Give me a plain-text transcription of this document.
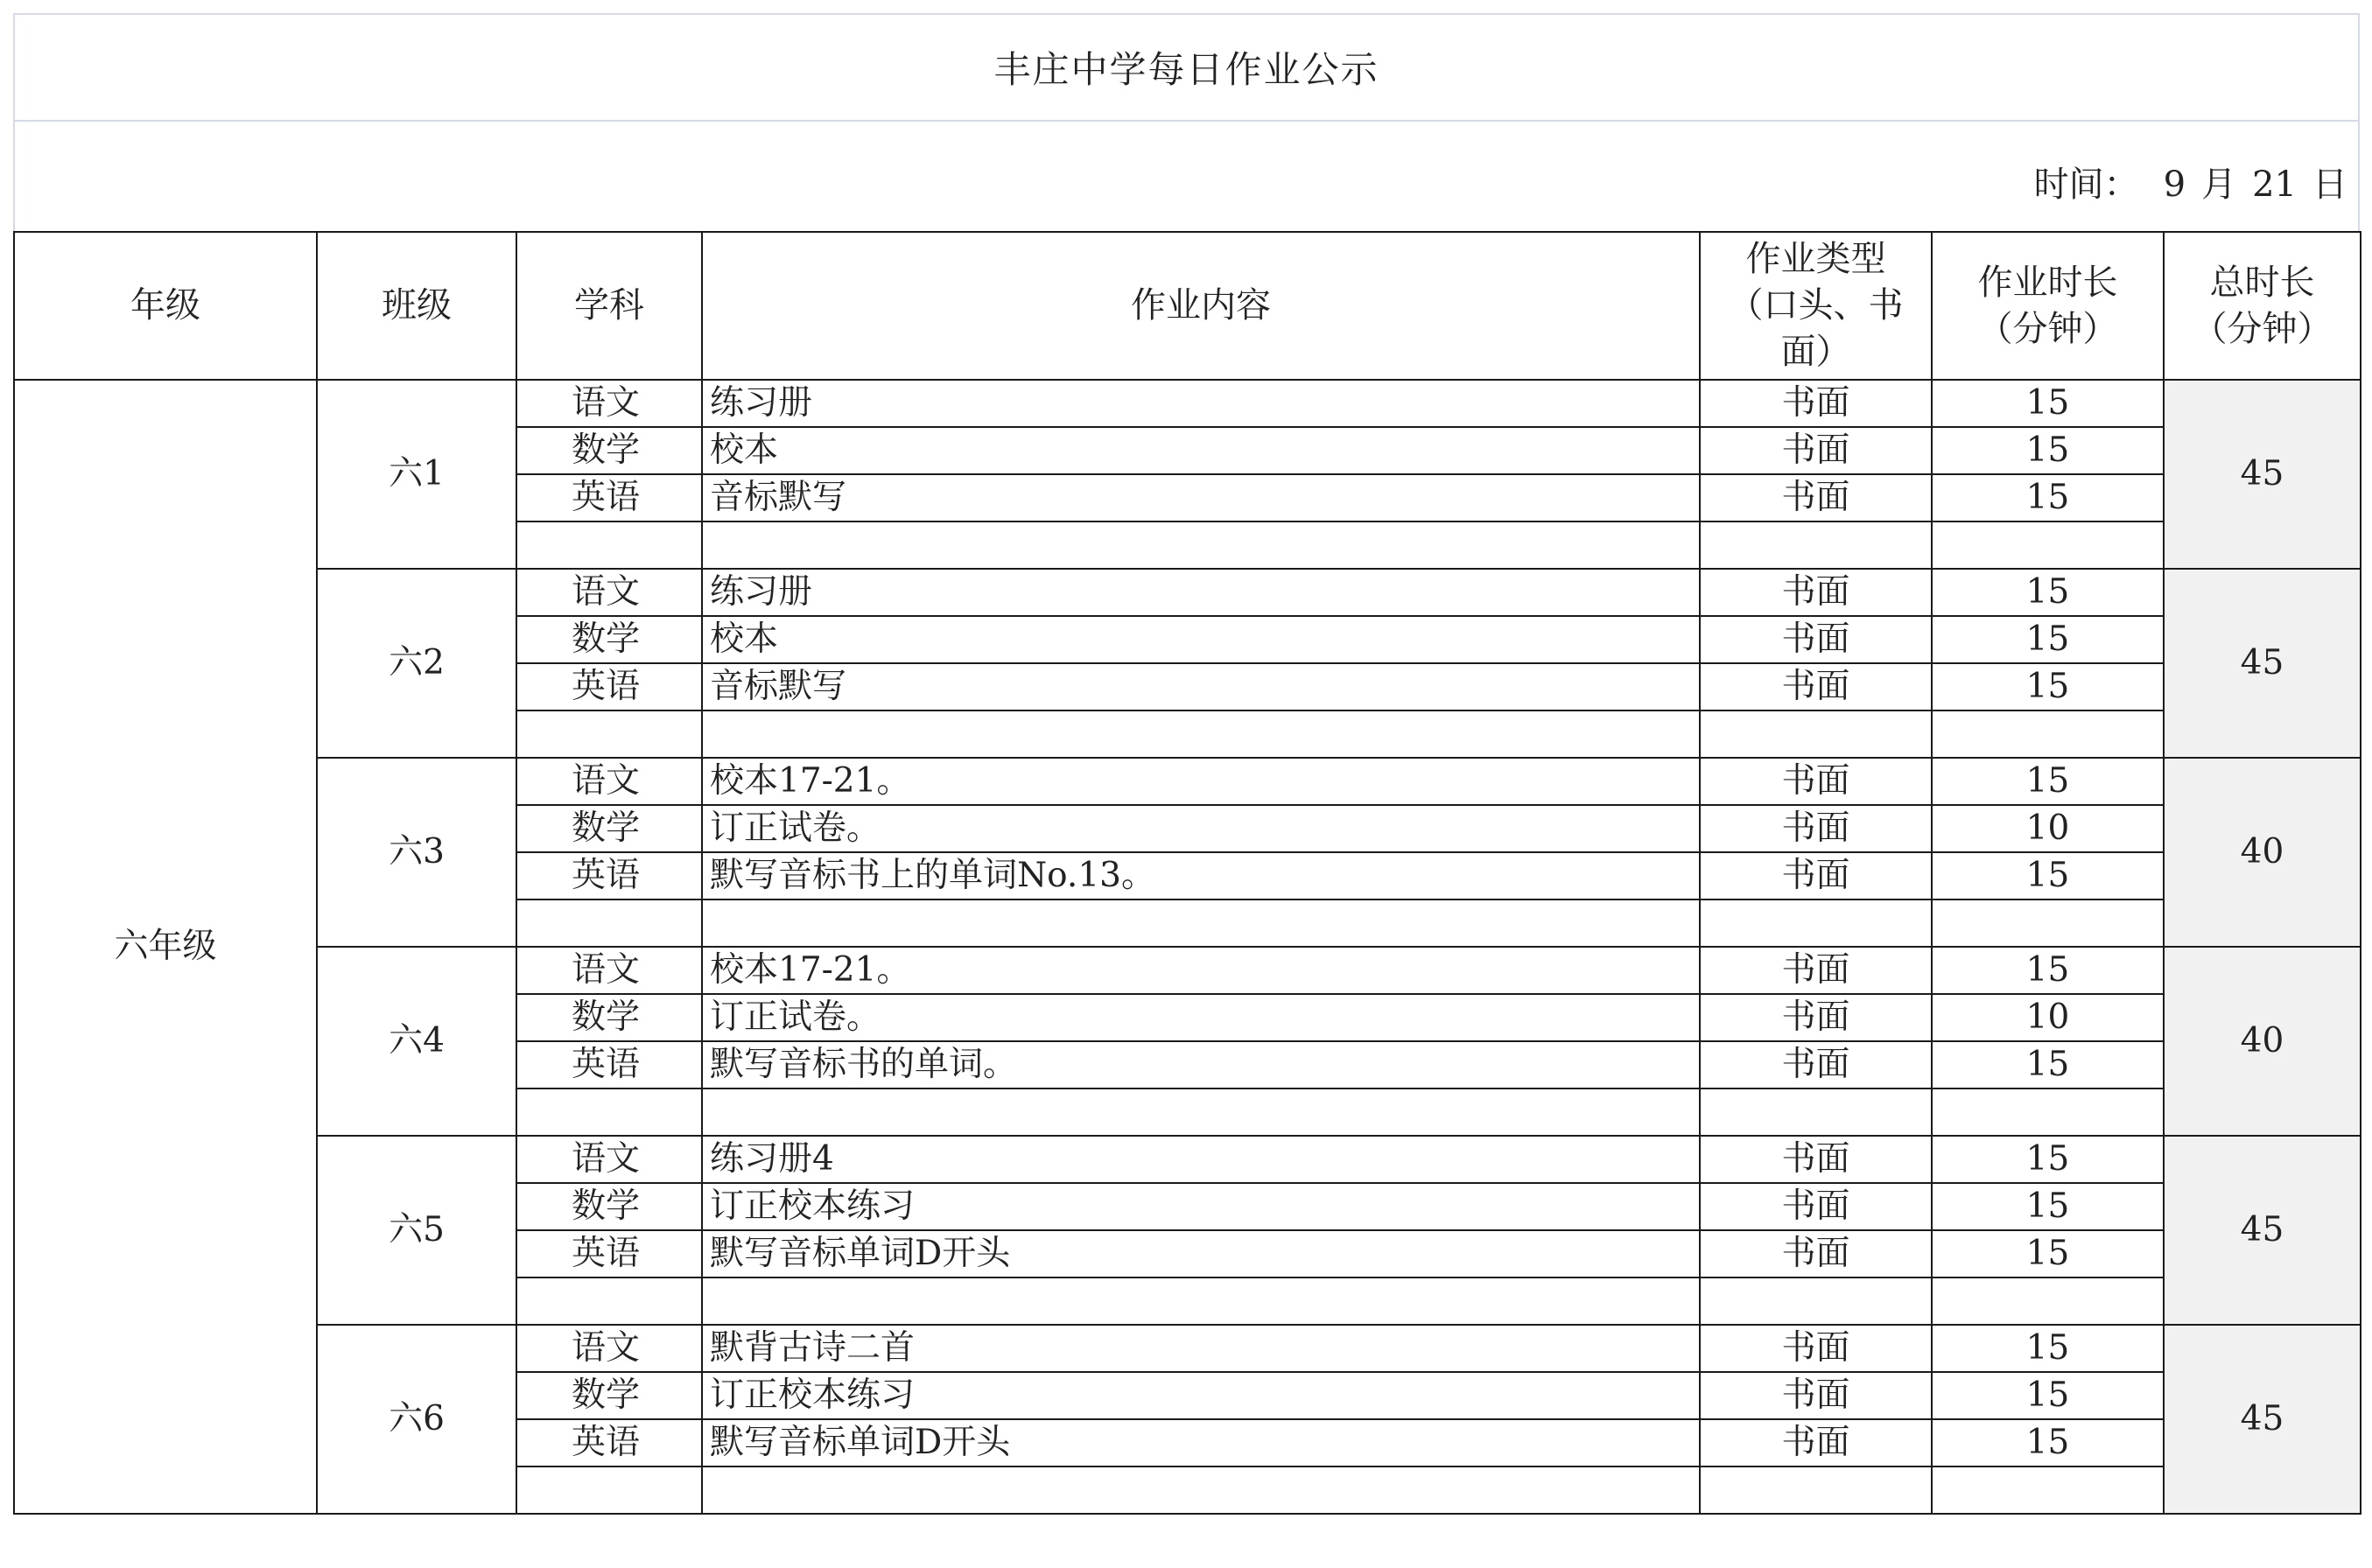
丰庄中学每日作业公示
时间： 9 月 21 日
年级	班级	学科	作业内容	作业类型（口头、书面）	作业时长（分钟）	总时长（分钟）
六年级	六1	语文	练习册	书面	15	45
		数学	校本	书面	15	
		英语	音标默写	书面	15	

	六2	语文	练习册	书面	15	45
		数学	校本	书面	15	
		英语	音标默写	书面	15	

	六3	语文	校本17-21。	书面	15	40
		数学	订正试卷。	书面	10	
		英语	默写音标书上的单词No.13。	书面	15	

	六4	语文	校本17-21。	书面	15	40
		数学	订正试卷。	书面	10	
		英语	默写音标书的单词。	书面	15	

	六5	语文	练习册4	书面	15	45
		数学	订正校本练习	书面	15	
		英语	默写音标单词D开头	书面	15	

	六6	语文	默背古诗二首	书面	15	45
		数学	订正校本练习	书面	15	
		英语	默写音标单词D开头	书面	15	
